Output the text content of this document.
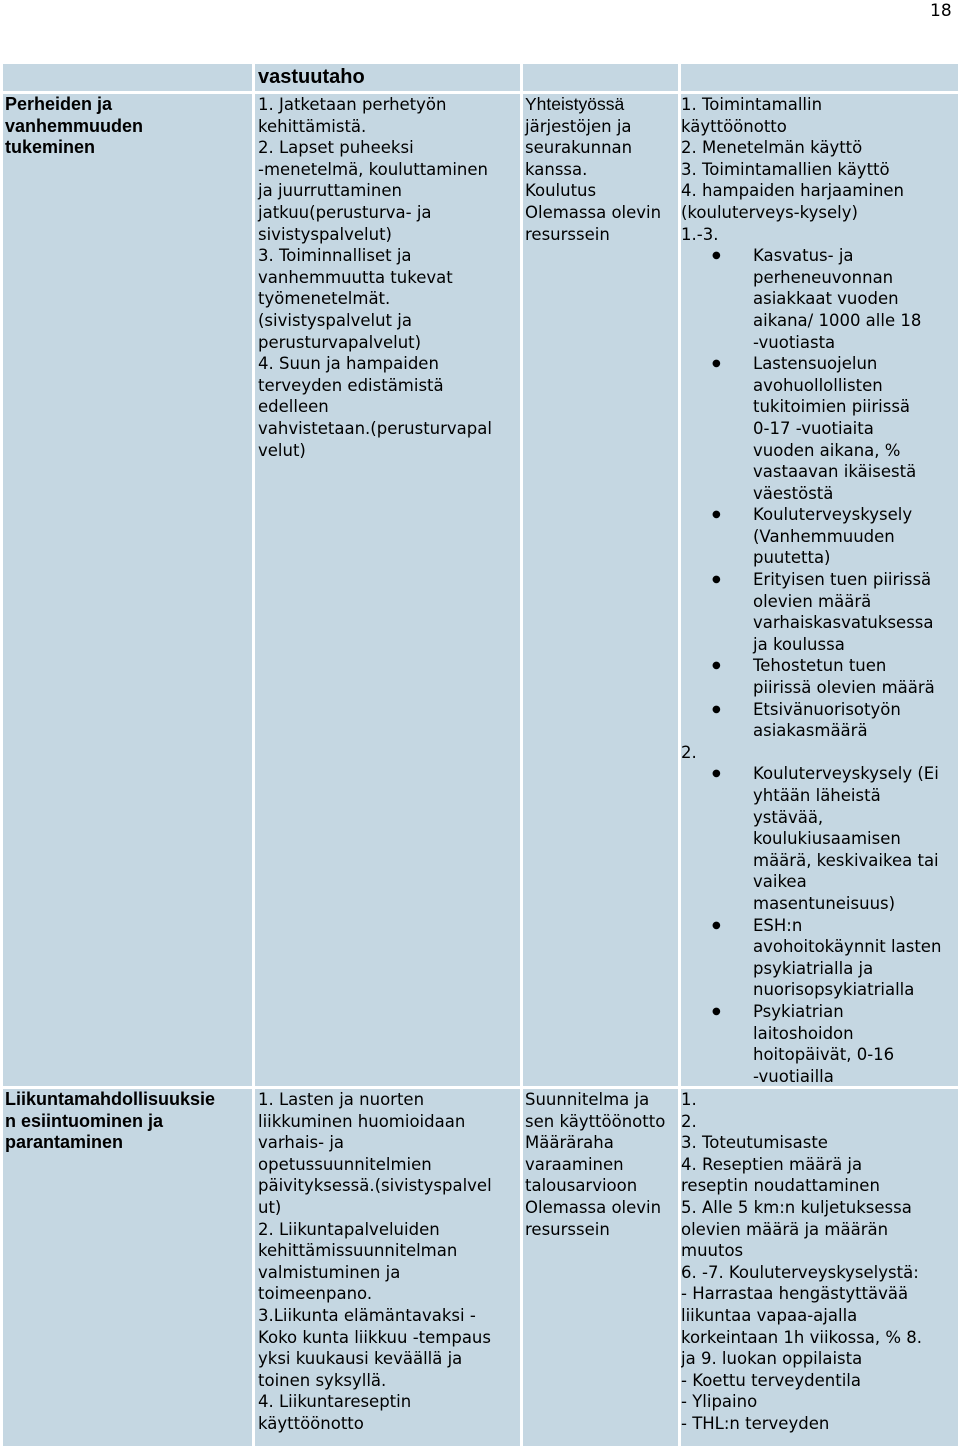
18
vastuutaho
Perheiden ja
vanhemmuuden
tukeminen
1. Jatketaan perhetyön
kehittämistä.
2. Lapset puheeksi
-menetelmä, kouluttaminen
ja juurruttaminen
jatkuu(perusturva- ja
sivistyspalvelut)
3. Toiminnalliset ja
vanhemmuutta tukevat
työmenetelmät.
(sivistyspalvelut ja
perusturvapalvelut)
4. Suun ja hampaiden
terveyden edistämistä
edelleen
vahvistetaan.(perusturvapal
velut)
Yhteistyössä
järjestöjen ja
seurakunnan
kanssa.
Koulutus
Olemassa olevin
resurssein
1. Toimintamallin
käyttöönotto
2. Menetelmän käyttö
3. Toimintamallien käyttö
4. hampaiden harjaaminen
(kouluterveys-kysely)
1.-3.
● Kasvatus- ja
perheneuvonnan
asiakkaat vuoden
aikana/ 1000 alle 18
-vuotiasta
● Lastensuojelun
avohuollollisten
tukitoimien piirissä
0-17 -vuotiaita
vuoden aikana, %
vastaavan ikäisestä
väestöstä
● Kouluterveyskysely
(Vanhemmuuden
puutetta)
● Erityisen tuen piirissä
olevien määrä
varhaiskasvatuksessa
ja koulussa
● Tehostetun tuen
piirissä olevien määrä
● Etsivänuorisotyön
asiakasmäärä
2.
● Kouluterveyskysely (Ei
yhtään läheistä
ystävää,
koulukiusaamisen
määrä, keskivaikea tai
vaikea
masentuneisuus)
● ESH:n
avohoitokäynnit lasten
psykiatrialla ja
nuorisopsykiatrialla
● Psykiatrian
laitoshoidon
hoitopäivät, 0-16
-vuotiailla
Liikuntamahdollisuuksie
n esiintuominen ja
parantaminen
1. Lasten ja nuorten
liikkuminen huomioidaan
varhais- ja
opetussuunnitelmien
päivityksessä.(sivistyspalvel
ut)
2. Liikuntapalveluiden
kehittämissuunnitelman
valmistuminen ja
toimeenpano.
3.Liikunta elämäntavaksi -
Koko kunta liikkuu -tempaus
yksi kuukausi keväällä ja
toinen syksyllä.
4. Liikuntareseptin
käyttöönotto
Suunnitelma ja
sen käyttöönotto
Määräraha
varaaminen
talousarvioon
Olemassa olevin
resurssein
1.
2.
3. Toteutumisaste
4. Reseptien määrä ja
reseptin noudattaminen
5. Alle 5 km:n kuljetuksessa
olevien määrä ja määrän
muutos
6. -7. Kouluterveyskyselystä:
- Harrastaa hengästyttävää
liikuntaa vapaa-ajalla
korkeintaan 1h viikossa, % 8.
ja 9. luokan oppilaista
- Koettu terveydentila
- Ylipaino
- THL:n terveyden
